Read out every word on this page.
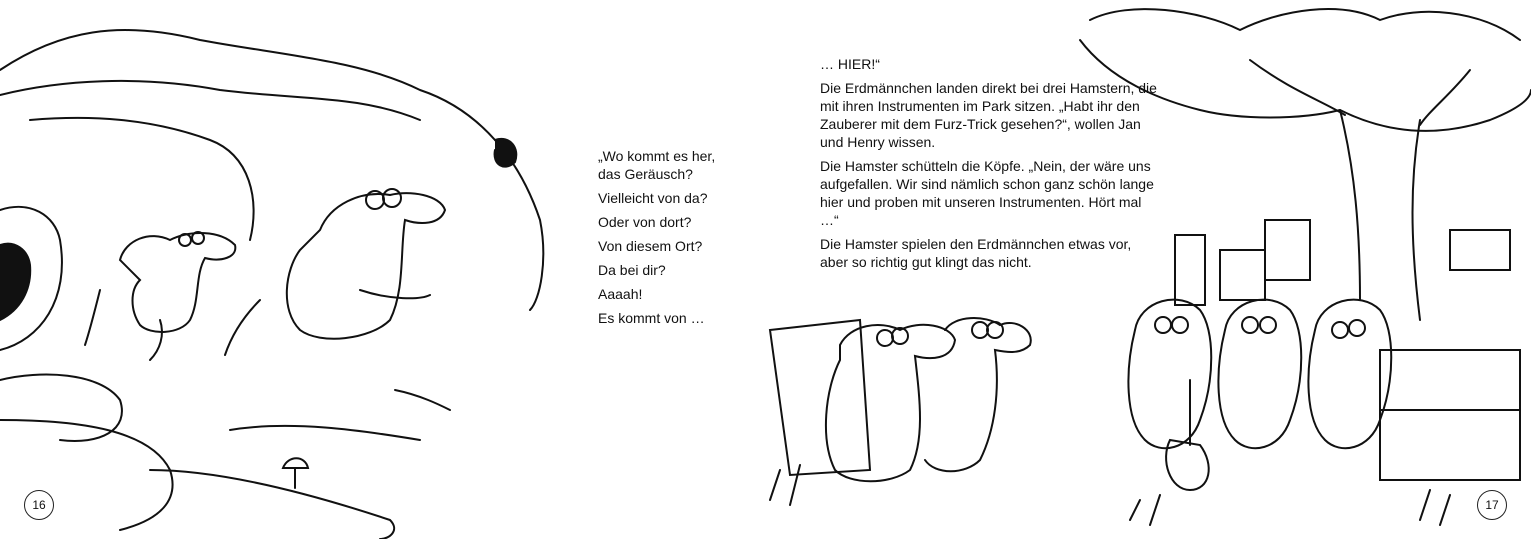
„Wo kommt es her,
das Geräusch?

Vielleicht von da?

Oder von dort?

Von diesem Ort?

Da bei dir?

Aaaah!

Es kommt von …

… HIER!“

Die Erdmännchen landen direkt bei drei Hamstern, die mit ihren Instrumenten im Park sitzen. „Habt ihr den Zauberer mit dem Furz-Trick gesehen?“, wollen Jan und Henry wissen.

Die Hamster schütteln die Köpfe. „Nein, der wäre uns aufgefallen. Wir sind nämlich schon ganz schön lange hier und proben mit unseren Instrumenten. Hört mal …“

Die Hamster spielen den Erdmännchen etwas vor, aber so richtig gut klingt das nicht.

16	17
